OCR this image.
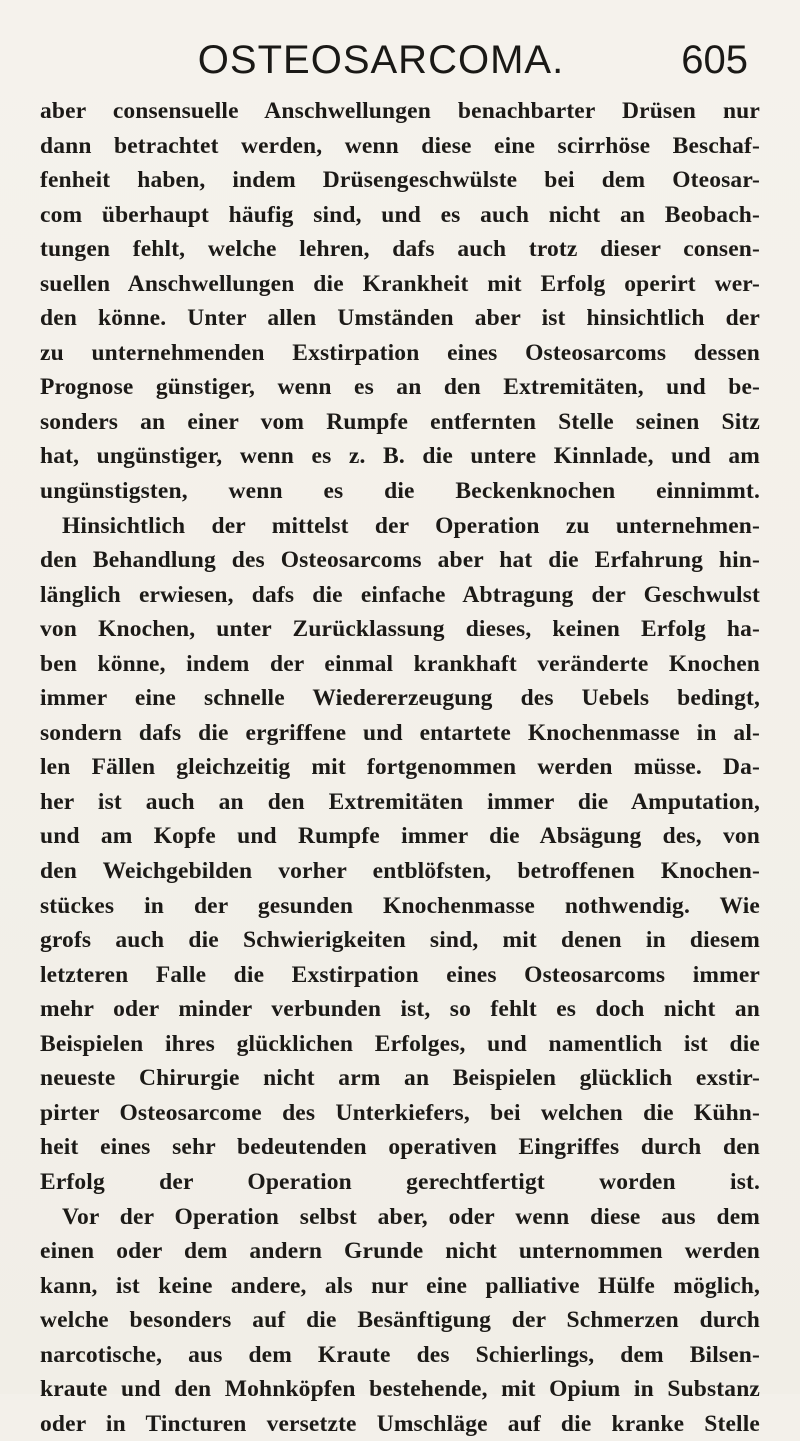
OSTEOSARCOMA.	605
aber consensuelle Anschwellungen benachbarter Drüsen nur
dann betrachtet werden, wenn diese eine scirrhöse Beschaf-
fenheit haben, indem Drüsengeschwülste bei dem Oteosar-
com überhaupt häufig sind, und es auch nicht an Beobach-
tungen fehlt, welche lehren, dafs auch trotz dieser consen-
suellen Anschwellungen die Krankheit mit Erfolg operirt wer-
den könne. Unter allen Umständen aber ist hinsichtlich der
zu unternehmenden Exstirpation eines Osteosarcoms dessen
Prognose günstiger, wenn es an den Extremitäten, und be-
sonders an einer vom Rumpfe entfernten Stelle seinen Sitz
hat, ungünstiger, wenn es z. B. die untere Kinnlade, und am
ungünstigsten, wenn es die Beckenknochen einnimmt.
Hinsichtlich der mittelst der Operation zu unternehmen-
den Behandlung des Osteosarcoms aber hat die Erfahrung hin-
länglich erwiesen, dafs die einfache Abtragung der Geschwulst
von Knochen, unter Zurücklassung dieses, keinen Erfolg ha-
ben könne, indem der einmal krankhaft veränderte Knochen
immer eine schnelle Wiedererzeugung des Uebels bedingt,
sondern dafs die ergriffene und entartete Knochenmasse in al-
len Fällen gleichzeitig mit fortgenommen werden müsse. Da-
her ist auch an den Extremitäten immer die Amputation,
und am Kopfe und Rumpfe immer die Absägung des, von
den Weichgebilden vorher entblöfsten, betroffenen Knochen-
stückes in der gesunden Knochenmasse nothwendig. Wie
grofs auch die Schwierigkeiten sind, mit denen in diesem
letzteren Falle die Exstirpation eines Osteosarcoms immer
mehr oder minder verbunden ist, so fehlt es doch nicht an
Beispielen ihres glücklichen Erfolges, und namentlich ist die
neueste Chirurgie nicht arm an Beispielen glücklich exstir-
pirter Osteosarcome des Unterkiefers, bei welchen die Kühn-
heit eines sehr bedeutenden operativen Eingriffes durch den
Erfolg der Operation gerechtfertigt worden ist.
Vor der Operation selbst aber, oder wenn diese aus dem
einen oder dem andern Grunde nicht unternommen werden
kann, ist keine andere, als nur eine palliative Hülfe möglich,
welche besonders auf die Besänftigung der Schmerzen durch
narcotische, aus dem Kraute des Schierlings, dem Bilsen-
kraute und den Mohnköpfen bestehende, mit Opium in Substanz
oder in Tincturen versetzte Umschläge auf die kranke Stelle
